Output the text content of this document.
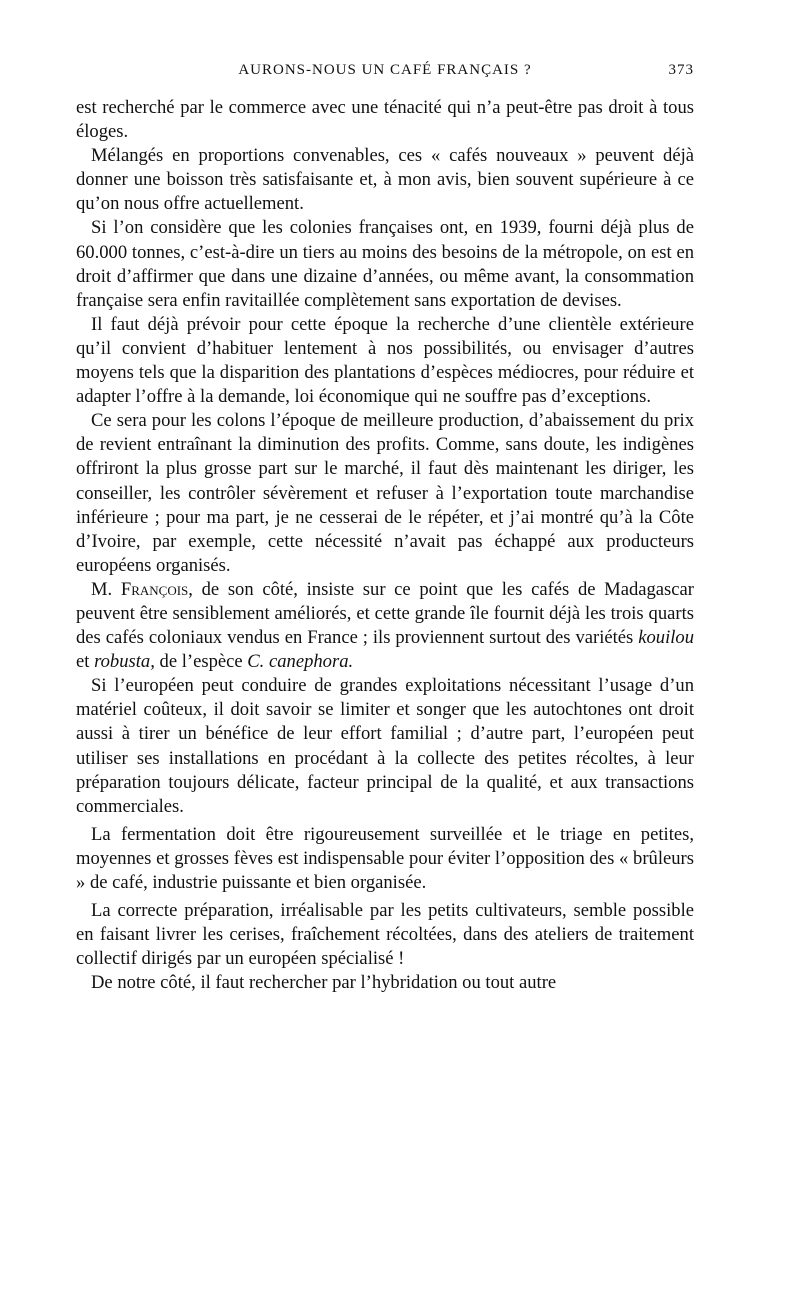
AURONS-NOUS UN CAFÉ FRANÇAIS ?	373

est recherché par le commerce avec une ténacité qui n’a peut-être pas droit à tous éloges.

Mélangés en proportions convenables, ces « cafés nouveaux » peuvent déjà donner une boisson très satisfaisante et, à mon avis, bien souvent supérieure à ce qu’on nous offre actuellement.

Si l’on considère que les colonies françaises ont, en 1939, fourni déjà plus de 60.000 tonnes, c’est-à-dire un tiers au moins des besoins de la métropole, on est en droit d’affirmer que dans une dizaine d’années, ou même avant, la consommation française sera enfin ravitaillée complètement sans exportation de devises.

Il faut déjà prévoir pour cette époque la recherche d’une clientèle extérieure qu’il convient d’habituer lentement à nos possibilités, ou envisager d’autres moyens tels que la disparition des plantations d’espèces médiocres, pour réduire et adapter l’offre à la demande, loi économique qui ne souffre pas d’exceptions.

Ce sera pour les colons l’époque de meilleure production, d’abaissement du prix de revient entraînant la diminution des profits. Comme, sans doute, les indigènes offriront la plus grosse part sur le marché, il faut dès maintenant les diriger, les conseiller, les contrôler sévèrement et refuser à l’exportation toute marchandise inférieure ; pour ma part, je ne cesserai de le répéter, et j’ai montré qu’à la Côte d’Ivoire, par exemple, cette nécessité n’avait pas échappé aux producteurs européens organisés.

M. François, de son côté, insiste sur ce point que les cafés de Madagascar peuvent être sensiblement améliorés, et cette grande île fournit déjà les trois quarts des cafés coloniaux vendus en France ; ils proviennent surtout des variétés kouilou et robusta, de l’espèce C. canephora.

Si l’européen peut conduire de grandes exploitations nécessitant l’usage d’un matériel coûteux, il doit savoir se limiter et songer que les autochtones ont droit aussi à tirer un bénéfice de leur effort familial ; d’autre part, l’européen peut utiliser ses installations en procédant à la collecte des petites récoltes, à leur préparation toujours délicate, facteur principal de la qualité, et aux transactions commerciales.

La fermentation doit être rigoureusement surveillée et le triage en petites, moyennes et grosses fèves est indispensable pour éviter l’opposition des « brûleurs » de café, industrie puissante et bien organisée.

La correcte préparation, irréalisable par les petits cultivateurs, semble possible en faisant livrer les cerises, fraîchement récoltées, dans des ateliers de traitement collectif dirigés par un européen spécialisé !

De notre côté, il faut rechercher par l’hybridation ou tout autre
